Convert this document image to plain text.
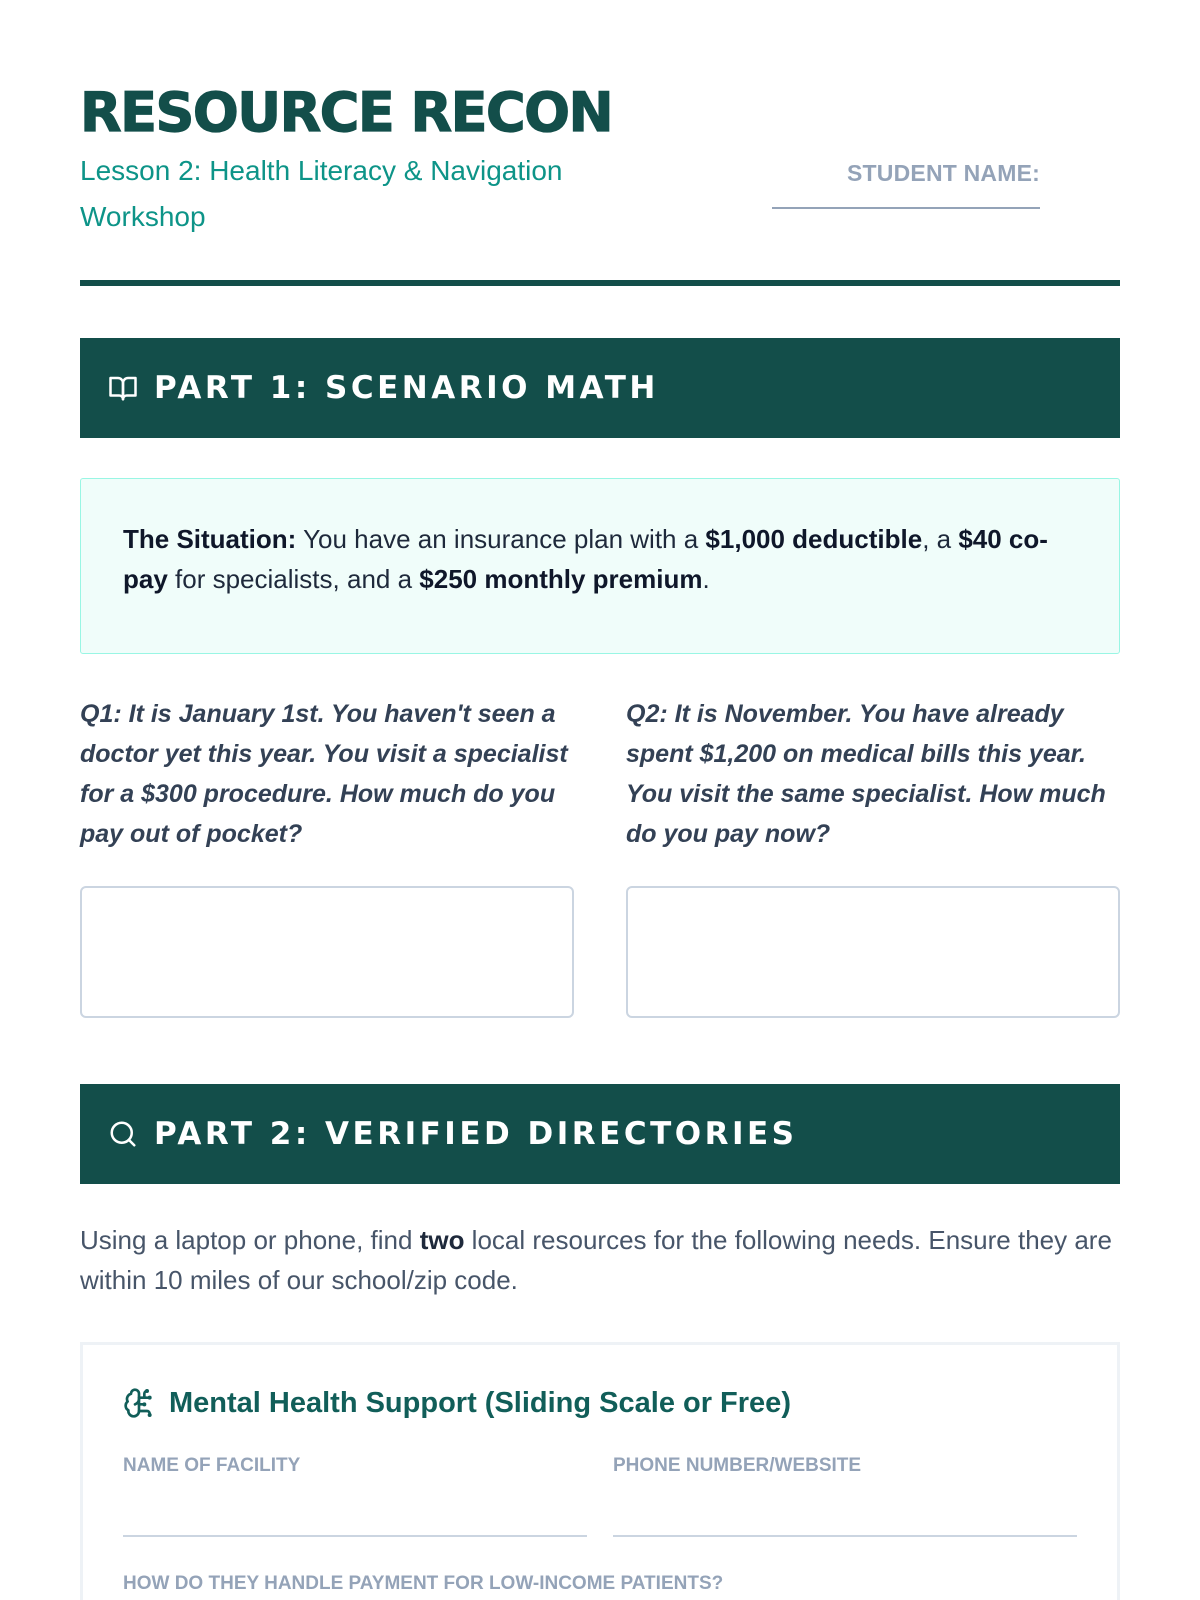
RESOURCE RECON
Lesson 2: Health Literacy & Navigation Workshop
STUDENT NAME:
PART 1: SCENARIO MATH
The Situation: You have an insurance plan with a $1,000 deductible, a $40 co-pay for specialists, and a $250 monthly premium.
Q1: It is January 1st. You haven't seen a doctor yet this year. You visit a specialist for a $300 procedure. How much do you pay out of pocket?
Q2: It is November. You have already spent $1,200 on medical bills this year. You visit the same specialist. How much do you pay now?
PART 2: VERIFIED DIRECTORIES
Using a laptop or phone, find two local resources for the following needs. Ensure they are within 10 miles of our school/zip code.
Mental Health Support (Sliding Scale or Free)
NAME OF FACILITY	PHONE NUMBER/WEBSITE
HOW DO THEY HANDLE PAYMENT FOR LOW-INCOME PATIENTS?
